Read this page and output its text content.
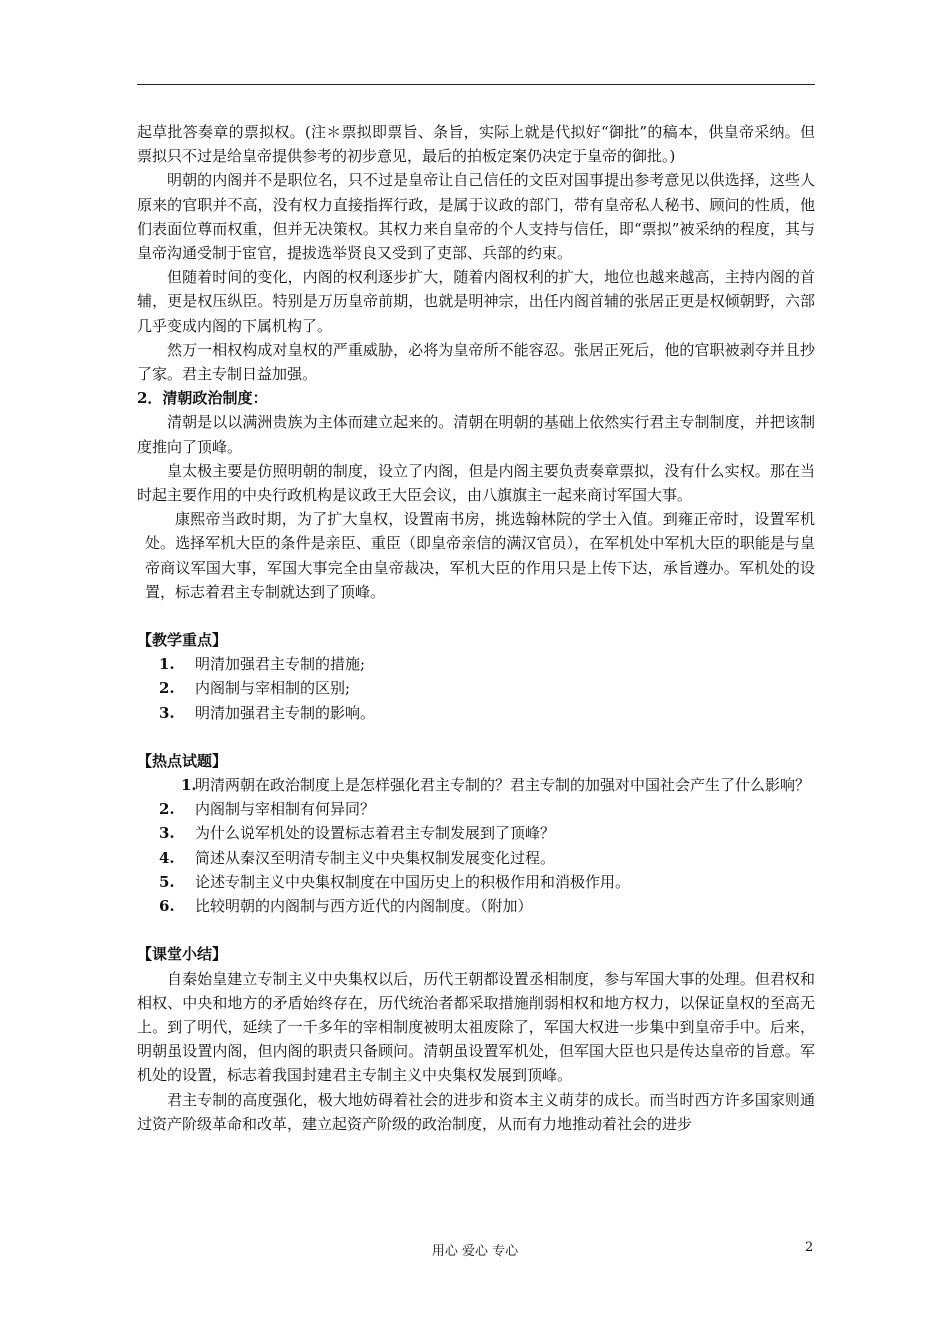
起草批答奏章的票拟权。(注＊票拟即票旨、条旨，实际上就是代拟好“御批”的稿本，供皇帝采纳。但票拟只不过是给皇帝提供参考的初步意见，最后的拍板定案仍决定于皇帝的御批。)

明朝的内阁并不是职位名，只不过是皇帝让自己信任的文臣对国事提出参考意见以供选择，这些人原来的官职并不高，没有权力直接指挥行政，是属于议政的部门，带有皇帝私人秘书、顾问的性质，他们表面位尊而权重，但并无决策权。其权力来自皇帝的个人支持与信任，即“票拟”被采纳的程度，其与皇帝沟通受制于宦官，提拔选举贤良又受到了吏部、兵部的约束。

但随着时间的变化，内阁的权利逐步扩大，随着内阁权利的扩大，地位也越来越高，主持内阁的首辅，更是权压纵臣。特别是万历皇帝前期，也就是明神宗，出任内阁首辅的张居正更是权倾朝野，六部几乎变成内阁的下属机构了。

然万一相权构成对皇权的严重威胁，必将为皇帝所不能容忍。张居正死后，他的官职被剥夺并且抄了家。君主专制日益加强。

2．清朝政治制度：

清朝是以以满洲贵族为主体而建立起来的。清朝在明朝的基础上依然实行君主专制制度，并把该制度推向了顶峰。

皇太极主要是仿照明朝的制度，设立了内阁，但是内阁主要负责奏章票拟，没有什么实权。那在当时起主要作用的中央行政机构是议政王大臣会议，由八旗旗主一起来商讨军国大事。

康熙帝当政时期，为了扩大皇权，设置南书房，挑选翰林院的学士入值。到雍正帝时，设置军机处。选择军机大臣的条件是亲臣、重臣（即皇帝亲信的满汉官员），在军机处中军机大臣的职能是与皇帝商议军国大事，军国大事完全由皇帝裁决，军机大臣的作用只是上传下达，承旨遵办。军机处的设置，标志着君主专制就达到了顶峰。

【教学重点】

1. 明清加强君主专制的措施;
2. 内阁制与宰相制的区别;
3. 明清加强君主专制的影响。

【热点试题】

1.明清两朝在政治制度上是怎样强化君主专制的？君主专制的加强对中国社会产生了什么影响？
2. 内阁制与宰相制有何异同？
3. 为什么说军机处的设置标志着君主专制发展到了顶峰？
4. 简述从秦汉至明清专制主义中央集权制发展变化过程。
5. 论述专制主义中央集权制度在中国历史上的积极作用和消极作用。
6. 比较明朝的内阁制与西方近代的内阁制度。（附加）

【课堂小结】

自秦始皇建立专制主义中央集权以后，历代王朝都设置丞相制度，参与军国大事的处理。但君权和相权、中央和地方的矛盾始终存在，历代统治者都采取措施削弱相权和地方权力，以保证皇权的至高无上。到了明代，延续了一千多年的宰相制度被明太祖废除了，军国大权进一步集中到皇帝手中。后来，明朝虽设置内阁，但内阁的职责只备顾问。清朝虽设置军机处，但军国大臣也只是传达皇帝的旨意。军机处的设置，标志着我国封建君主专制主义中央集权发展到顶峰。

君主专制的高度强化，极大地妨碍着社会的进步和资本主义萌芽的成长。而当时西方许多国家则通过资产阶级革命和改革，建立起资产阶级的政治制度，从而有力地推动着社会的进步

用心 爱心 专心	2
